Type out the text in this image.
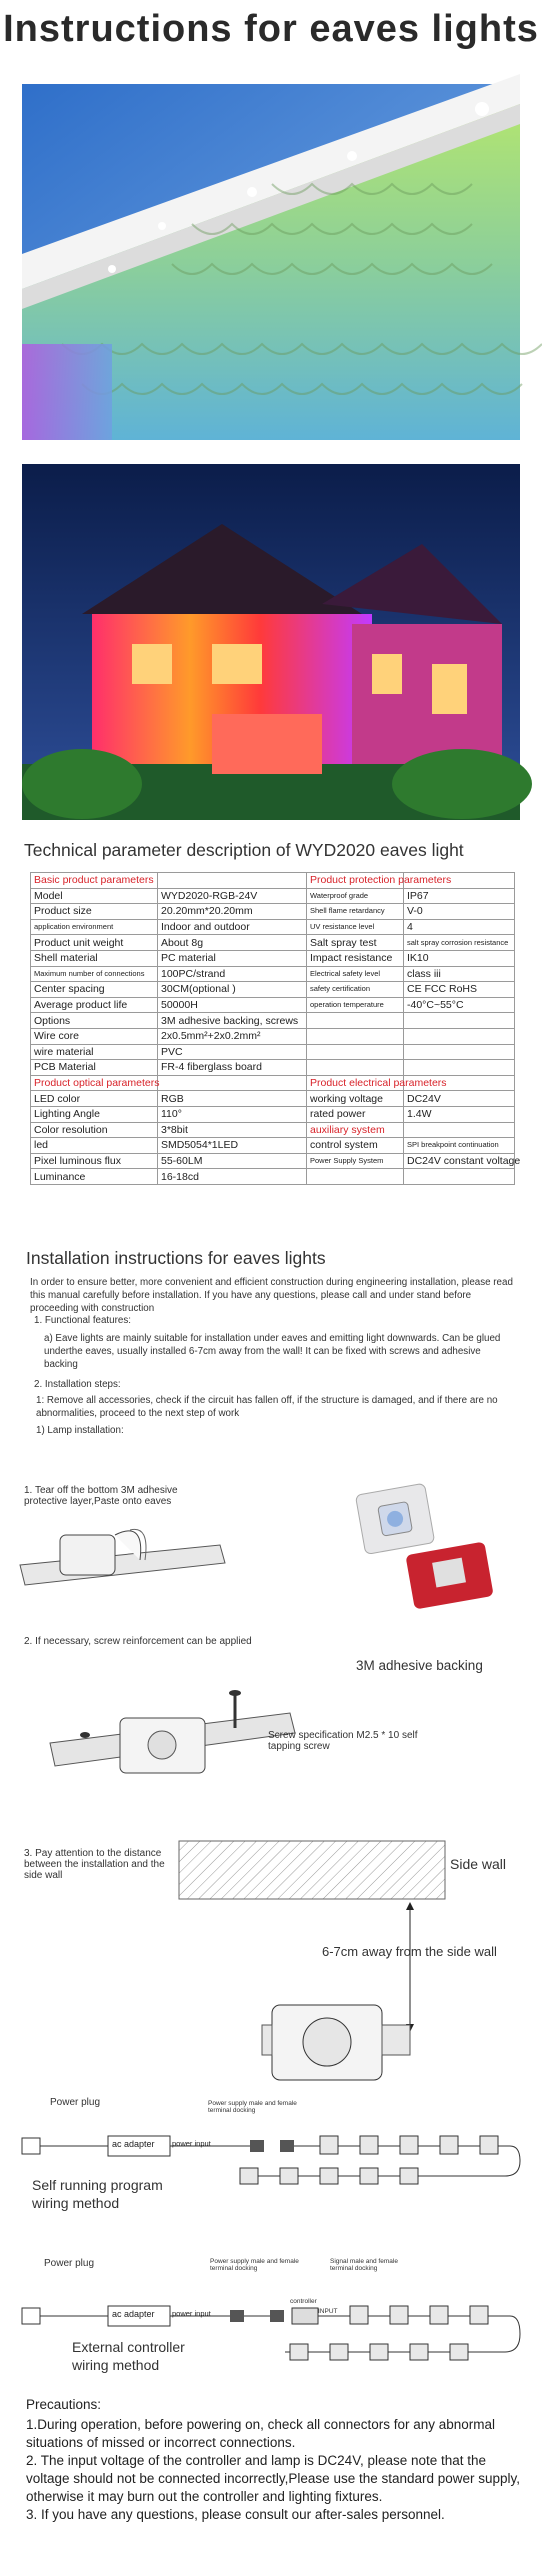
Instructions for eaves lights
Technical parameter description of WYD2020 eaves light
Basic product parameters		Product protection parameters	
Model	WYD2020-RGB-24V	Waterproof grade	IP67
Product size	20.20mm*20.20mm	Shell flame retardancy	V-0
application environment	Indoor and outdoor	UV resistance level	4
Product unit weight	About 8g	Salt spray test	salt spray corrosion resistance
Shell material	PC material	Impact resistance	IK10
Maximum number of connections	100PC/strand	Electrical safety level	class iii
Center spacing	30CM(optional )	safety certification	CE FCC RoHS
Average product life	50000H	operation temperature	-40°C~55°C
Options	3M adhesive backing, screws		
Wire core	2x0.5mm²+2x0.2mm²		
wire material	PVC		
PCB Material	FR-4 fiberglass board		
Product optical parameters		Product electrical parameters	
LED color	RGB	working voltage	DC24V
Lighting Angle	110°	rated power	1.4W
Color resolution	3*8bit	auxiliary system	
led	SMD5054*1LED	control system	SPI breakpoint continuation
Pixel luminous flux	55-60LM	Power Supply System	DC24V constant voltage
Luminance	16-18cd		
Installation instructions for eaves lights
In order to ensure better, more convenient and efficient construction during engineering installation, please read this manual carefully before installation. If you have any questions, please call and under stand before proceeding with construction
1. Functional features:
a) Eave lights are mainly suitable for installation under eaves and emitting light downwards. Can be glued underthe eaves, usually installed 6-7cm away from the wall! It can be fixed with screws and adhesive backing
2. Installation steps:
1: Remove all accessories, check if the circuit has fallen off, if the structure is damaged, and if there are no abnormalities, proceed to the next step of work
1) Lamp installation:
1. Tear off the bottom 3M adhesive protective layer,Paste onto eaves
3M adhesive backing
2. If necessary, screw reinforcement can be applied
Screw specification M2.5 * 10 self tapping screw
3. Pay attention to the distance between the installation and the side wall
Side wall
6-7cm away from the side wall
Power plug
ac adapter power input
Power supply male and female terminal docking
Self running program wiring method
Power plug
ac adapter power input
Power supply male and female terminal docking
controller
INPUT
Signal male and female terminal docking
External controller wiring method
Precautions:
1.During operation, before powering on, check all connectors for any abnormal situations of missed or incorrect connections.
2. The input voltage of the controller and lamp is DC24V, please note that the voltage should not be connected incorrectly,Please use the standard power supply, otherwise it may burn out the controller and lighting fixtures.
3. If you have any questions, please consult our after-sales personnel.
